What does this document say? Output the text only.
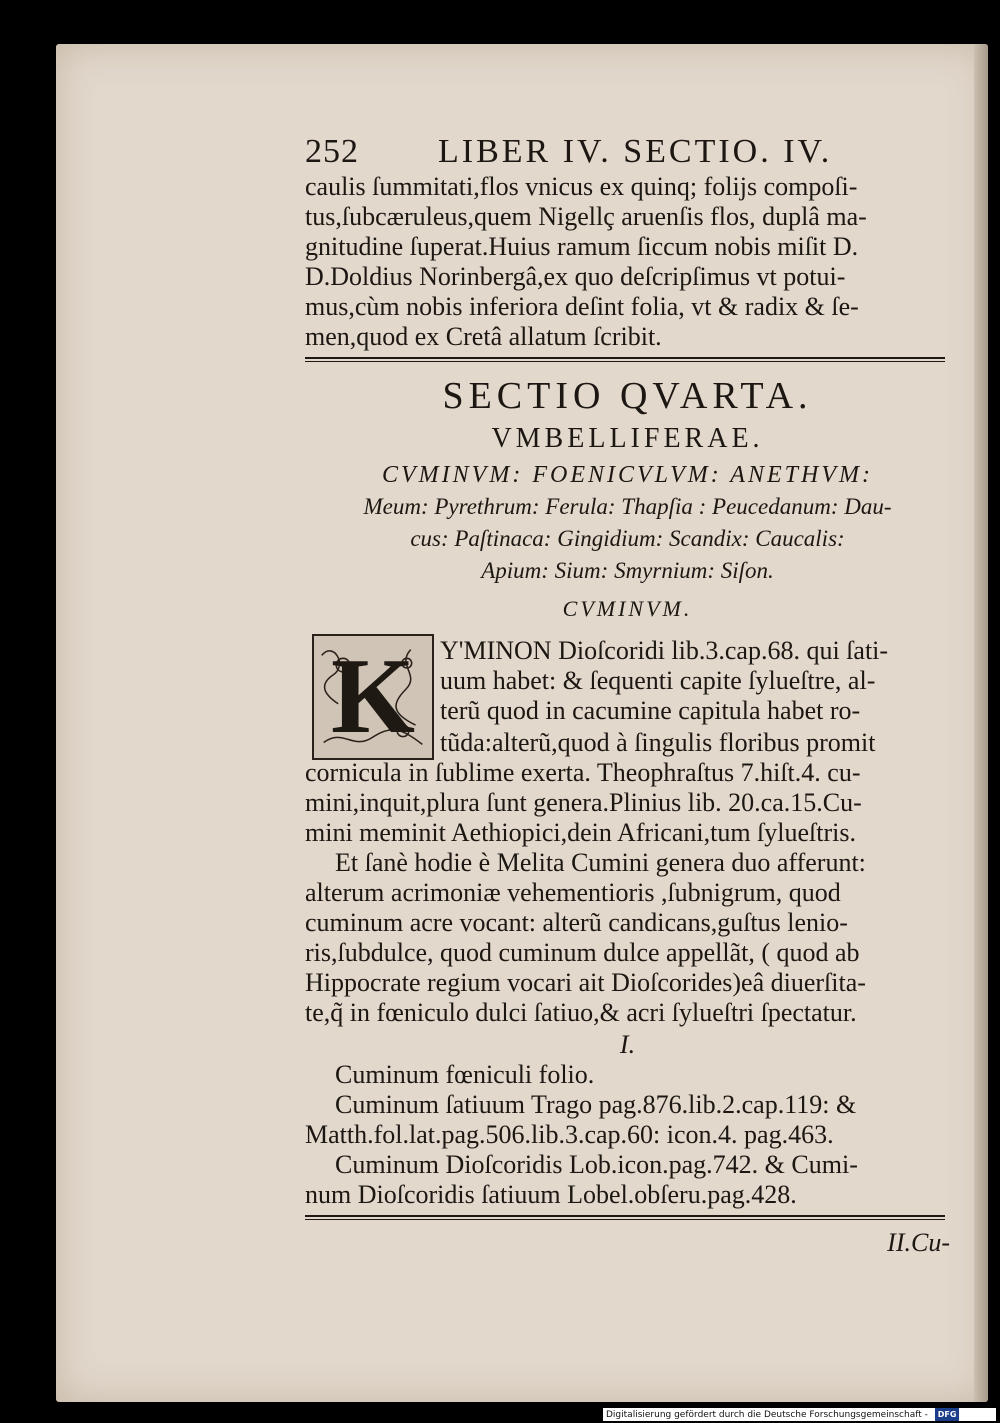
252 LIBER IV. SECTIO. IV.
caulis ſummitati,flos vnicus ex quinq; folijs compoſi-
tus,ſubcæruleus,quem Nigellç aruenſis flos, duplâ ma-
gnitudine ſuperat.Huius ramum ſiccum nobis miſit D.
D.Doldius Norinbergâ,ex quo deſcripſimus vt potui-
mus,cùm nobis inferiora deſint folia, vt & radix & ſe-
men,quod ex Cretâ allatum ſcribit.
SECTIO QVARTA.
VMBELLIFERAE.
CVMINVM: FOENICVLVM: ANETHVM:
Meum: Pyrethrum: Ferula: Thapſia : Peucedanum: Dau-
cus: Paſtinaca: Gingidium: Scandix: Caucalis:
Apium: Sium: Smyrnium: Siſon.
CVMINVM.
K Y'MINON Dioſcoridi lib.3.cap.68. qui ſati-
uum habet: & ſequenti capite ſylueſtre, al-
terũ quod in cacumine capitula habet ro-
tũda:alterũ,quod à ſingulis floribus promit
cornicula in ſublime exerta. Theophraſtus 7.hiſt.4. cu-
mini,inquit,plura ſunt genera.Plinius lib. 20.ca.15.Cu-
mini meminit Aethiopici,dein Africani,tum ſylueſtris.
Et ſanè hodie è Melita Cumini genera duo afferunt:
alterum acrimoniæ vehementioris ,ſubnigrum, quod
cuminum acre vocant: alterũ candicans,guſtus lenio-
ris,ſubdulce, quod cuminum dulce appellãt, ( quod ab
Hippocrate regium vocari ait Dioſcorides)eâ diuerſita-
te,q̃ in fœniculo dulci ſatiuo,& acri ſylueſtri ſpectatur.
I.
Cuminum fœniculi folio.
Cuminum ſatiuum Trago pag.876.lib.2.cap.119: &
Matth.fol.lat.pag.506.lib.3.cap.60: icon.4. pag.463.
Cuminum Dioſcoridis Lob.icon.pag.742. & Cumi-
num Dioſcoridis ſatiuum Lobel.obſeru.pag.428.
II.Cu-
Digitalisierung gefördert durch die Deutsche Forschungsgemeinschaft - DFG
